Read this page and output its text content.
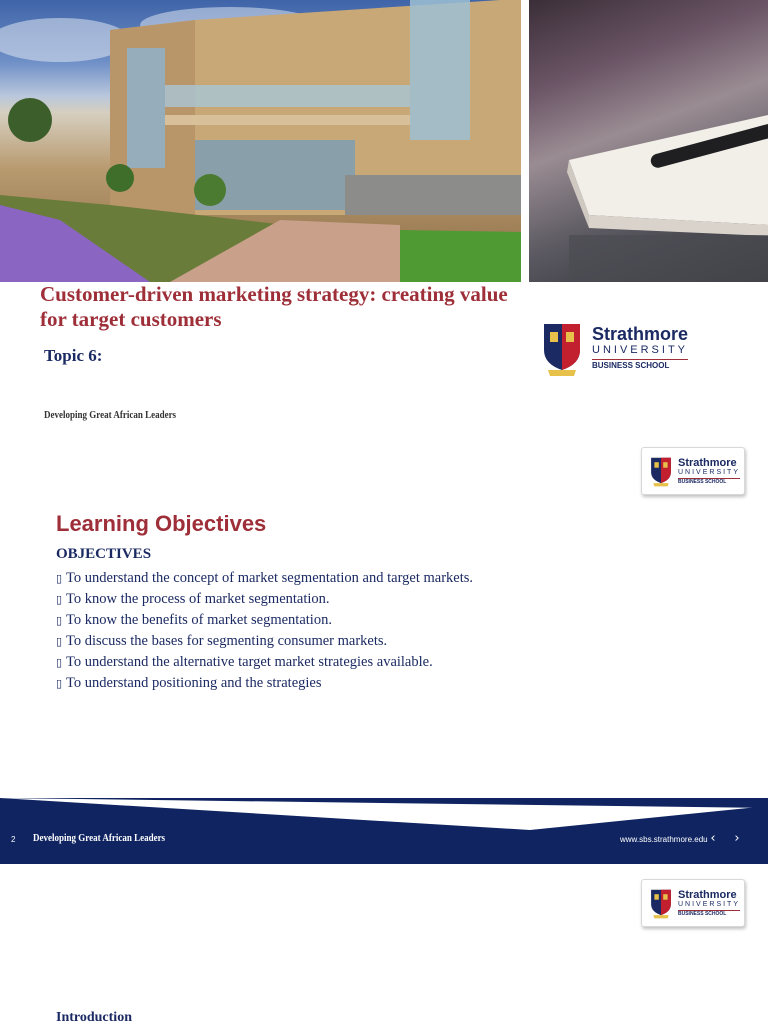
Customer-driven marketing strategy: creating value for target customers
Topic 6:
Developing Great African Leaders
Strathmore
UNIVERSITY
BUSINESS SCHOOL
Strathmore
UNIVERSITY
BUSINESS SCHOOL
Learning Objectives
OBJECTIVES
▯ To understand the concept of market segmentation and target markets.
▯ To know the process of market segmentation.
▯ To know the benefits of market segmentation.
▯ To discuss the bases for segmenting consumer markets.
▯ To understand the alternative target market strategies available.
▯ To understand positioning and the strategies
2 Developing Great African Leaders	www.sbs.strathmore.edu ‹	›
Strathmore
UNIVERSITY
BUSINESS SCHOOL
Introduction
